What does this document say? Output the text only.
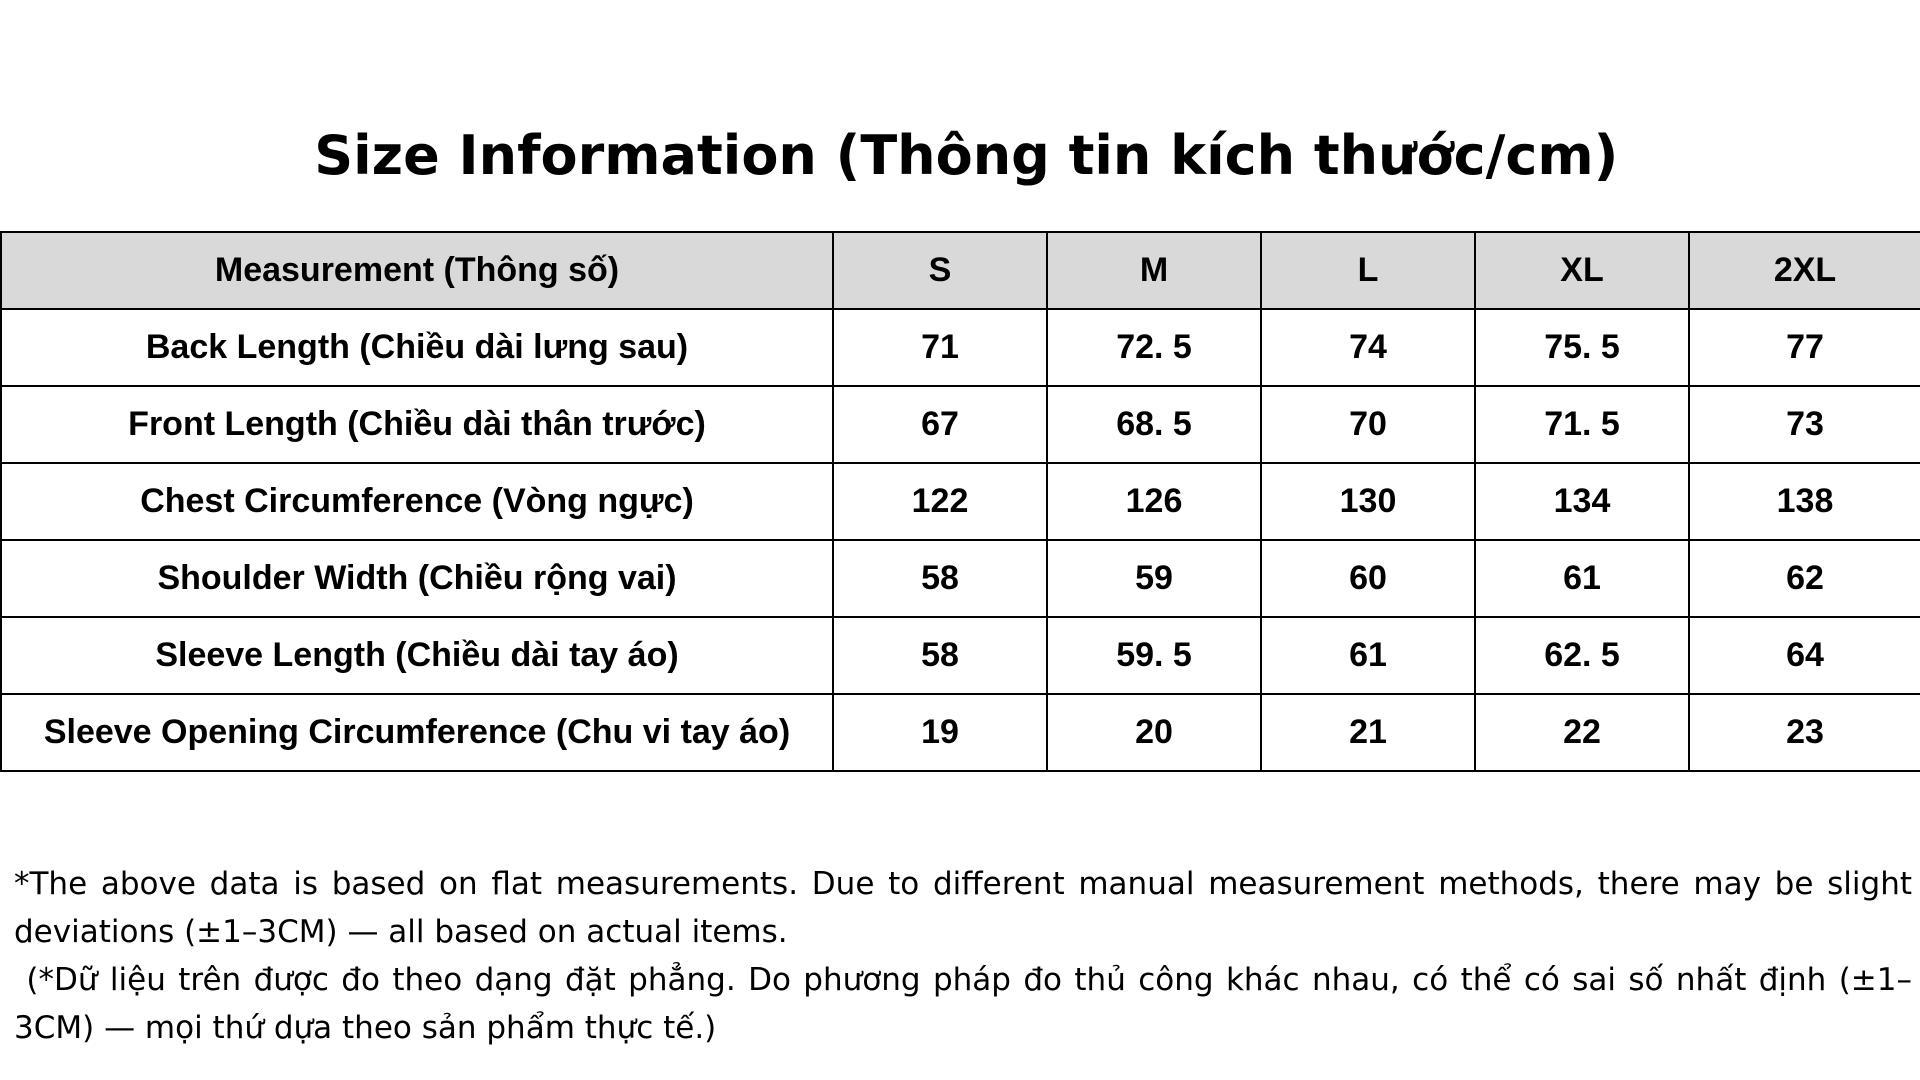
Size Information (Thông tin kích thước/cm)
Measurement (Thông số)	S	M	L	XL	2XL
Back Length (Chiều dài lưng sau)	71	72. 5	74	75. 5	77
Front Length (Chiều dài thân trước)	67	68. 5	70	71. 5	73
Chest Circumference (Vòng ngực)	122	126	130	134	138
Shoulder Width (Chiều rộng vai)	58	59	60	61	62
Sleeve Length (Chiều dài tay áo)	58	59. 5	61	62. 5	64
Sleeve Opening Circumference (Chu vi tay áo)	19	20	21	22	23

*The above data is based on flat measurements. Due to different manual measurement methods, there may be slight deviations (±1–3CM) — all based on actual items.

(*Dữ liệu trên được đo theo dạng đặt phẳng. Do phương pháp đo thủ công khác nhau, có thể có sai số nhất định (±1–3CM) — mọi thứ dựa theo sản phẩm thực tế.)
